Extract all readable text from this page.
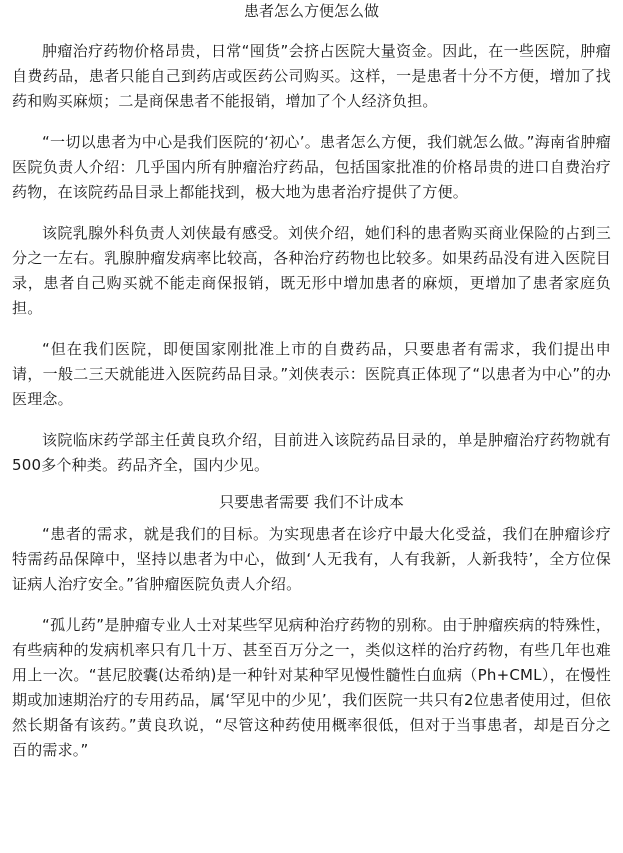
患者怎么方便怎么做

肿瘤治疗药物价格昂贵，日常“囤货”会挤占医院大量资金。因此，在一些医院，肿瘤自费药品，患者只能自己到药店或医药公司购买。这样，一是患者十分不方便，增加了找药和购买麻烦；二是商保患者不能报销，增加了个人经济负担。

“一切以患者为中心是我们医院的‘初心’。患者怎么方便，我们就怎么做。”海南省肿瘤医院负责人介绍：几乎国内所有肿瘤治疗药品，包括国家批准的价格昂贵的进口自费治疗药物，在该院药品目录上都能找到，极大地为患者治疗提供了方便。

该院乳腺外科负责人刘侠最有感受。刘侠介绍，她们科的患者购买商业保险的占到三分之一左右。乳腺肿瘤发病率比较高，各种治疗药物也比较多。如果药品没有进入医院目录，患者自己购买就不能走商保报销，既无形中增加患者的麻烦，更增加了患者家庭负担。

“但在我们医院，即便国家刚批准上市的自费药品，只要患者有需求，我们提出申请，一般二三天就能进入医院药品目录。”刘侠表示：医院真正体现了“以患者为中心”的办医理念。

该院临床药学部主任黄良玖介绍，目前进入该院药品目录的，单是肿瘤治疗药物就有500多个种类。药品齐全，国内少见。

只要患者需要 我们不计成本

“患者的需求，就是我们的目标。为实现患者在诊疗中最大化受益，我们在肿瘤诊疗特需药品保障中，坚持以患者为中心，做到‘人无我有，人有我新，人新我特’，全方位保证病人治疗安全。”省肿瘤医院负责人介绍。

“孤儿药”是肿瘤专业人士对某些罕见病种治疗药物的别称。由于肿瘤疾病的特殊性，有些病种的发病机率只有几十万、甚至百万分之一，类似这样的治疗药物，有些几年也难用上一次。“甚尼胶囊(达希纳)是一种针对某种罕见慢性髓性白血病（Ph+CML），在慢性期或加速期治疗的专用药品，属‘罕见中的少见’，我们医院一共只有2位患者使用过，但依然长期备有该药。”黄良玖说，“尽管这种药使用概率很低，但对于当事患者，却是百分之百的需求。”
